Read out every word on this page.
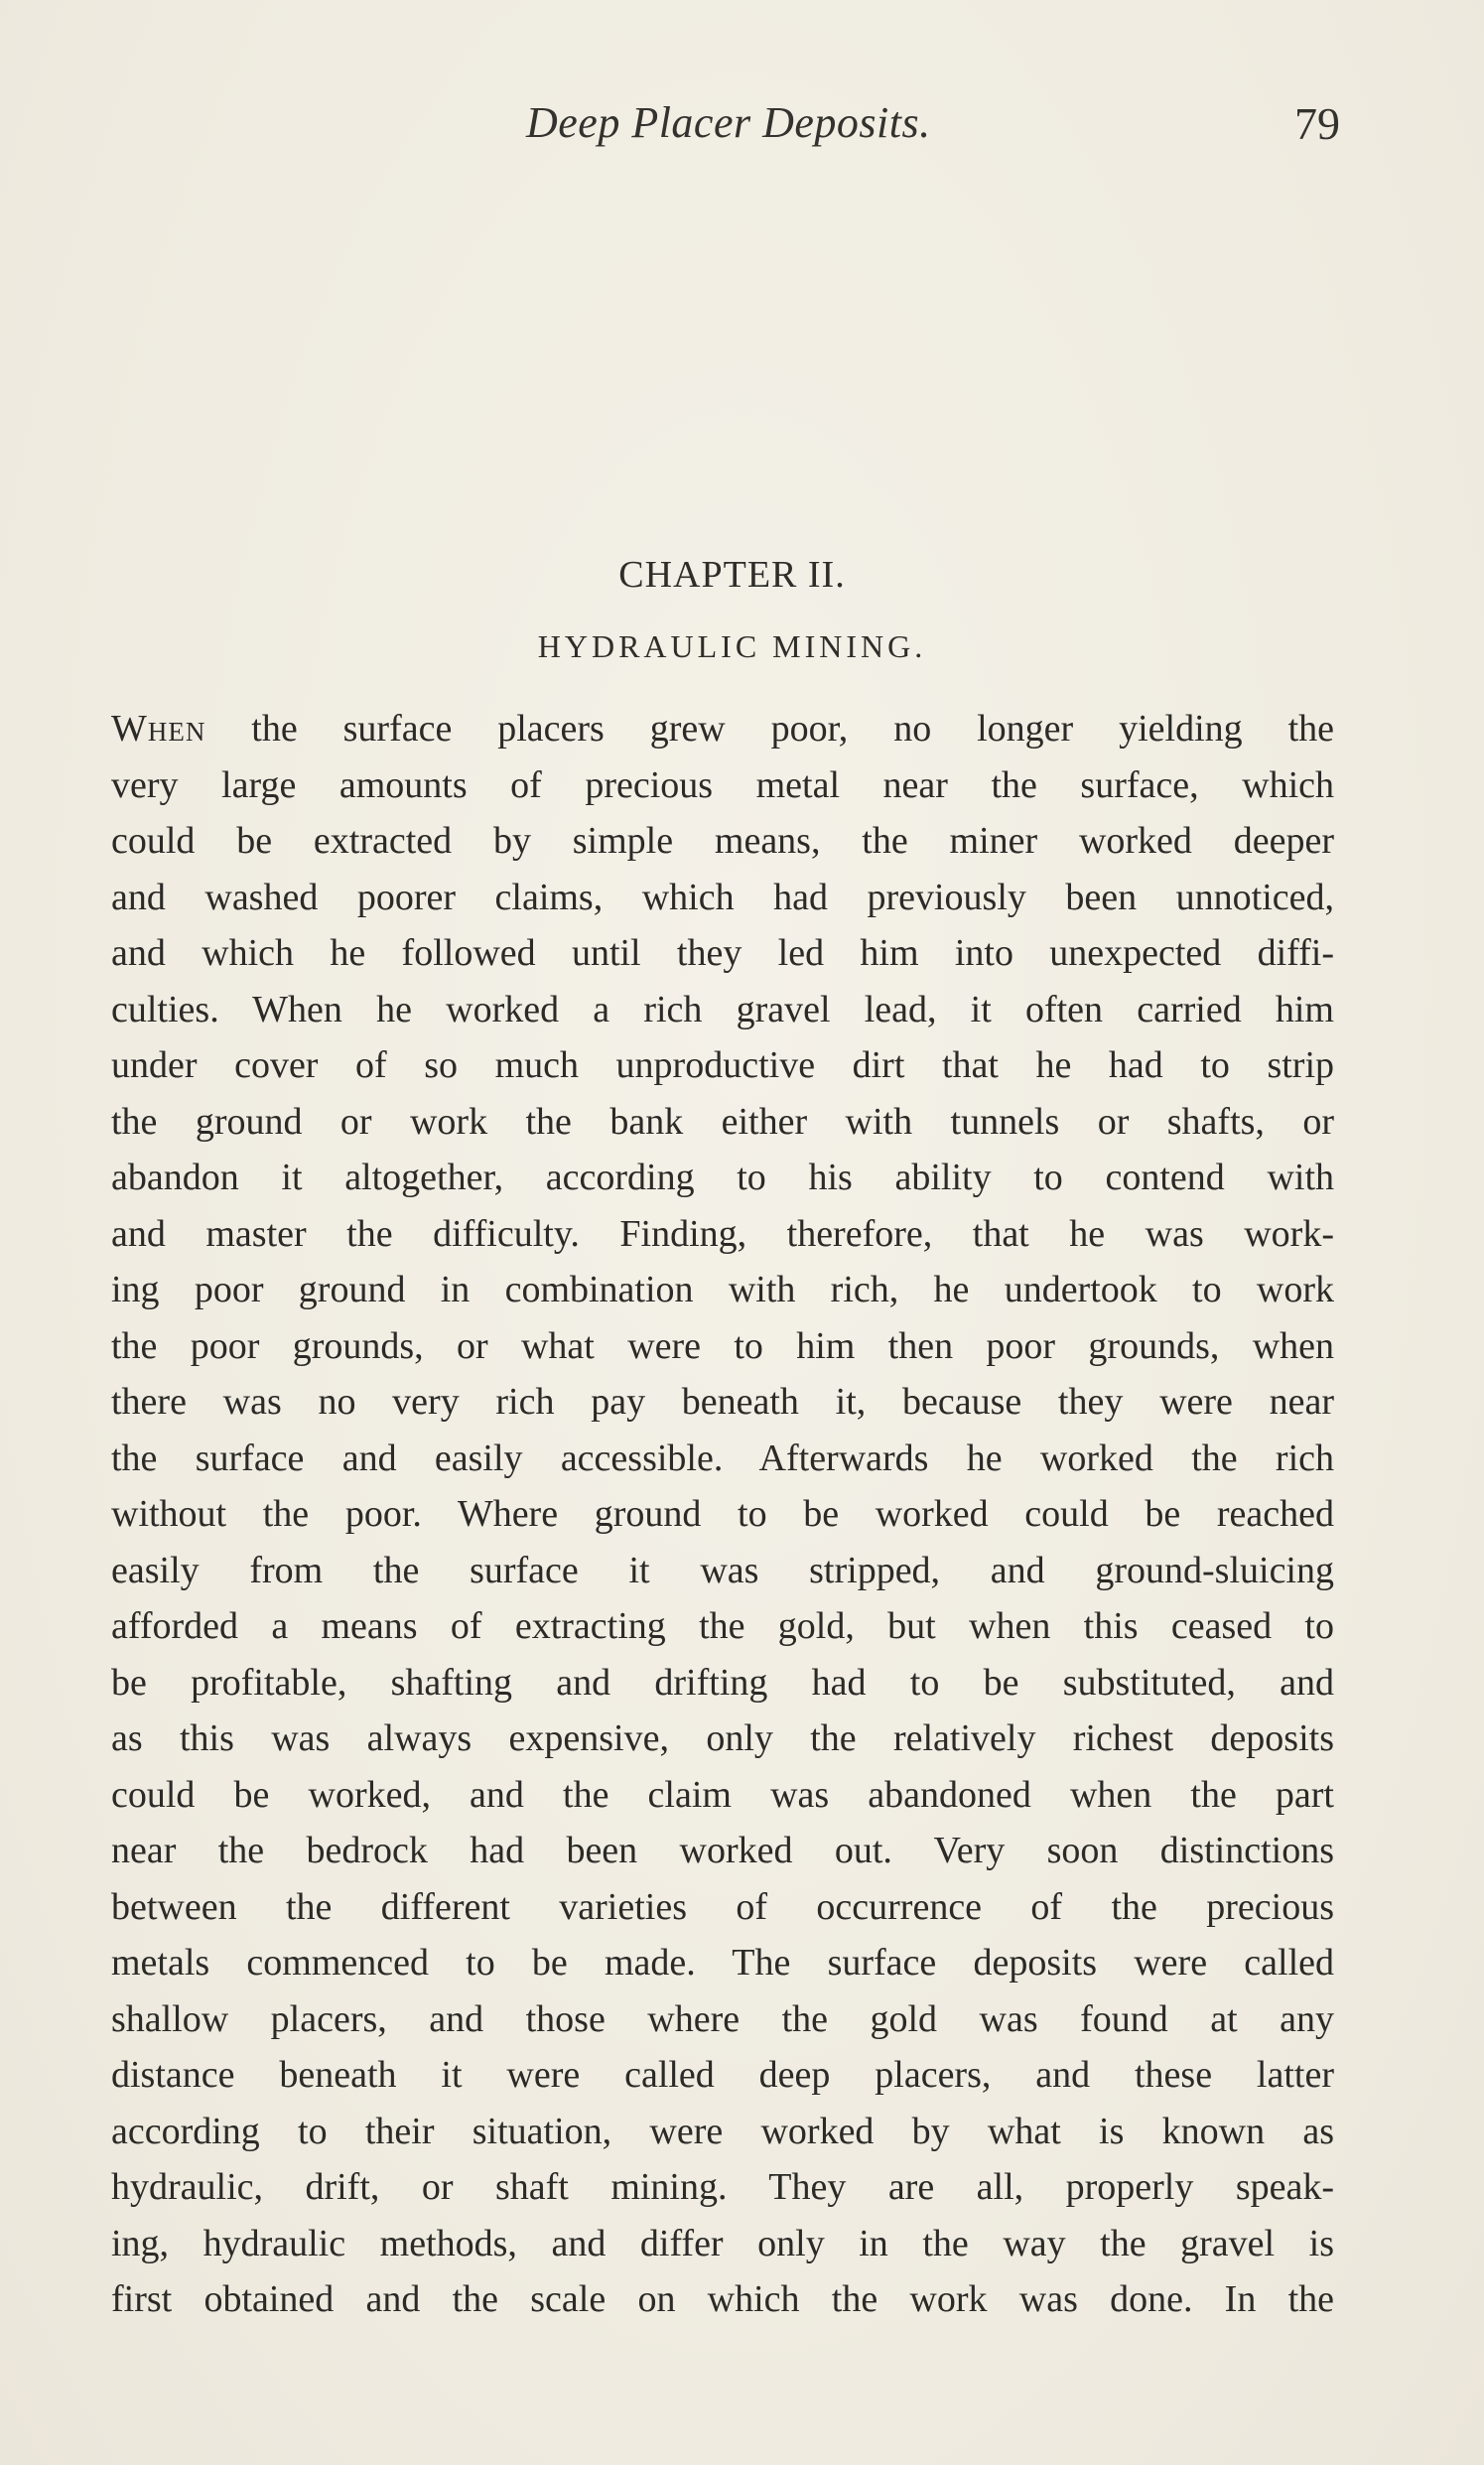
Deep Placer Deposits.	79
CHAPTER II.
HYDRAULIC MINING.
When the surface placers grew poor, no longer yielding the
very large amounts of precious metal near the surface, which
could be extracted by simple means, the miner worked deeper
and washed poorer claims, which had previously been unnoticed,
and which he followed until they led him into unexpected diffi-
culties. When he worked a rich gravel lead, it often carried him
under cover of so much unproductive dirt that he had to strip
the ground or work the bank either with tunnels or shafts, or
abandon it altogether, according to his ability to contend with
and master the difficulty. Finding, therefore, that he was work-
ing poor ground in combination with rich, he undertook to work
the poor grounds, or what were to him then poor grounds, when
there was no very rich pay beneath it, because they were near
the surface and easily accessible. Afterwards he worked the rich
without the poor. Where ground to be worked could be reached
easily from the surface it was stripped, and ground-sluicing
afforded a means of extracting the gold, but when this ceased to
be profitable, shafting and drifting had to be substituted, and
as this was always expensive, only the relatively richest deposits
could be worked, and the claim was abandoned when the part
near the bedrock had been worked out. Very soon distinctions
between the different varieties of occurrence of the precious
metals commenced to be made. The surface deposits were called
shallow placers, and those where the gold was found at any
distance beneath it were called deep placers, and these latter
according to their situation, were worked by what is known as
hydraulic, drift, or shaft mining. They are all, properly speak-
ing, hydraulic methods, and differ only in the way the gravel is
first obtained and the scale on which the work was done. In the
